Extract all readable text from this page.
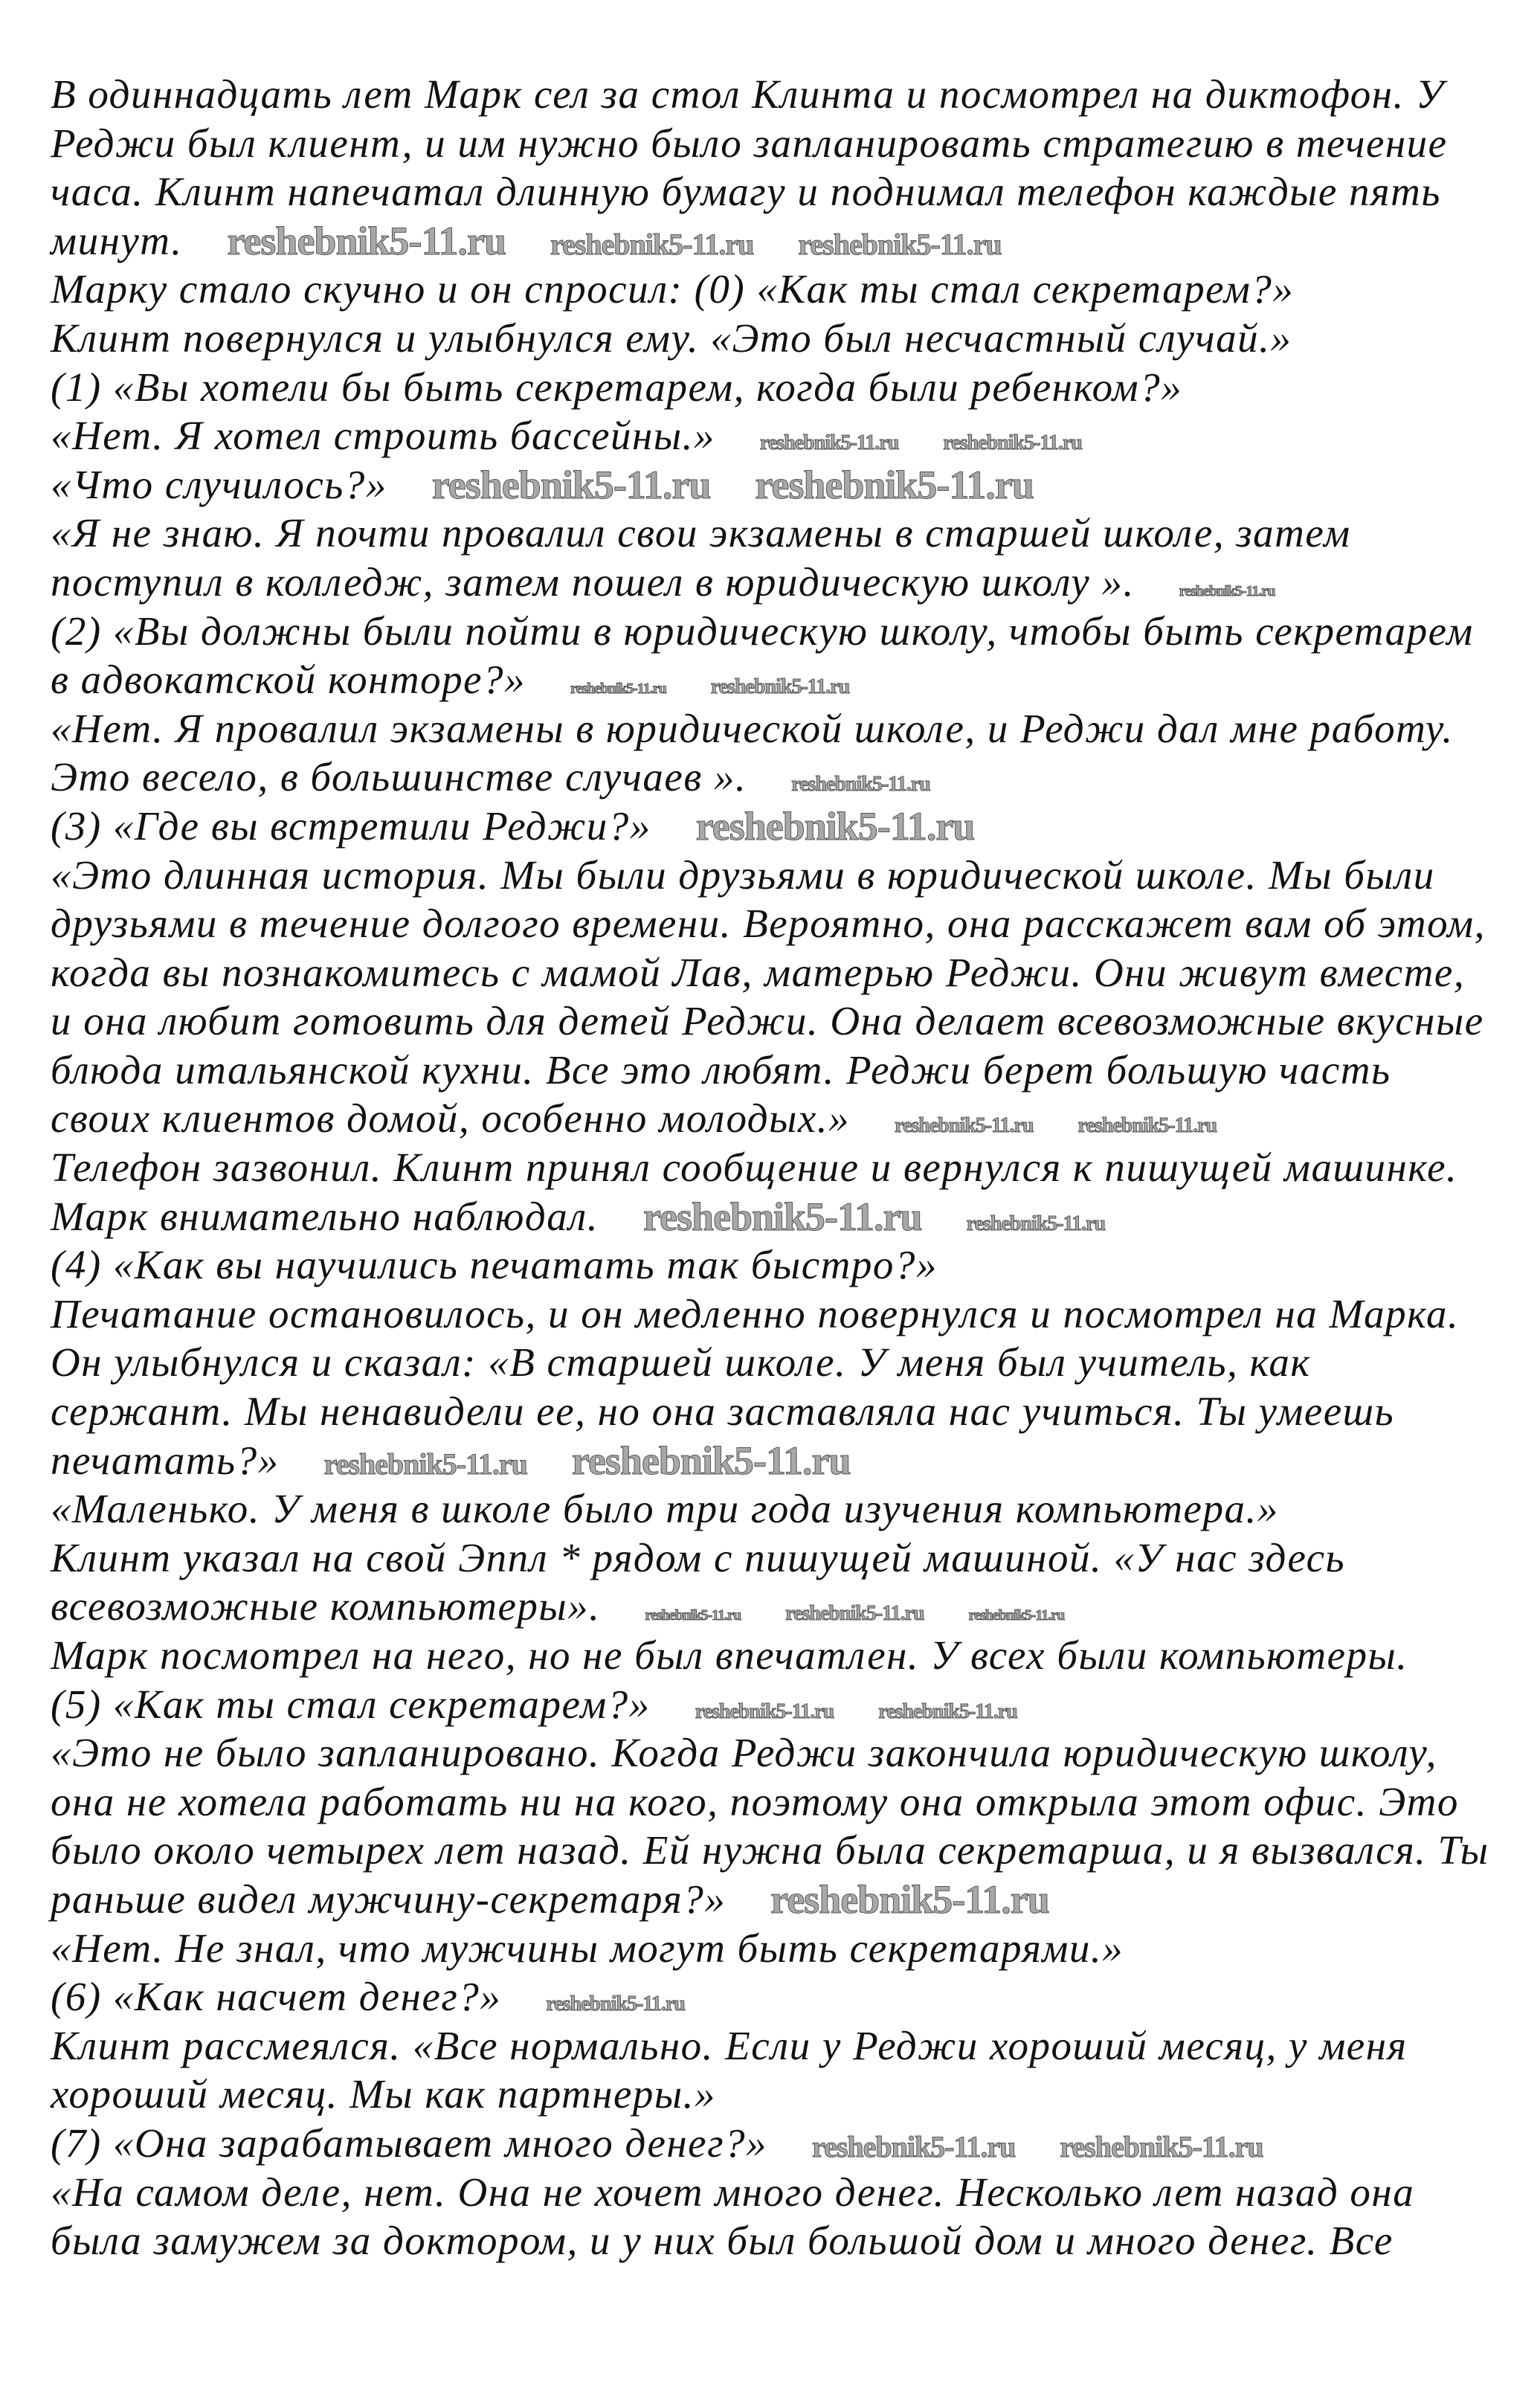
В одиннадцать лет Марк сел за стол Клинта и посмотрел на диктофон. У
Реджи был клиент, и им нужно было запланировать стратегию в течение
часа. Клинт напечатал длинную бумагу и поднимал телефон каждые пять
минут. reshebnik5-11.ru reshebnik5-11.ru reshebnik5-11.ru
Марку стало скучно и он спросил: (0) «Как ты стал секретарем?»
Клинт повернулся и улыбнулся ему. «Это был несчастный случай.»
(1) «Вы хотели бы быть секретарем, когда были ребенком?»
«Нет. Я хотел строить бассейны.» reshebnik5-11.ru reshebnik5-11.ru
«Что случилось?» reshebnik5-11.ru reshebnik5-11.ru
«Я не знаю. Я почти провалил свои экзамены в старшей школе, затем
поступил в колледж, затем пошел в юридическую школу ».	reshebnik5-11.ru
(2) «Вы должны были пойти в юридическую школу, чтобы быть секретарем
в адвокатской конторе?»	reshebnik5-11.ru reshebnik5-11.ru
«Нет. Я провалил экзамены в юридической школе, и Реджи дал мне работу.
Это весело, в большинстве случаев ». reshebnik5-11.ru
(3) «Где вы встретили Реджи?» reshebnik5-11.ru
«Это длинная история. Мы были друзьями в юридической школе. Мы были
друзьями в течение долгого времени. Вероятно, она расскажет вам об этом,
когда вы познакомитесь с мамой Лав, матерью Реджи. Они живут вместе,
и она любит готовить для детей Реджи. Она делает всевозможные вкусные
блюда итальянской кухни. Все это любят. Реджи берет большую часть
своих клиентов домой, особенно молодых.» reshebnik5-11.ru reshebnik5-11.ru
Телефон зазвонил. Клинт принял сообщение и вернулся к пишущей машинке.
Марк внимательно наблюдал. reshebnik5-11.ru reshebnik5-11.ru
(4) «Как вы научились печатать так быстро?»
Печатание остановилось, и он медленно повернулся и посмотрел на Марка.
Он улыбнулся и сказал: «В старшей школе. У меня был учитель, как
сержант. Мы ненавидели ее, но она заставляла нас учиться. Ты умеешь
печатать?» reshebnik5-11.ru reshebnik5-11.ru
«Маленько. У меня в школе было три года изучения компьютера.»
Клинт указал на свой Эппл * рядом с пишущей машиной. «У нас здесь
всевозможные компьютеры».	reshebnik5-11.ru reshebnik5-11.ru	reshebnik5-11.ru
Марк посмотрел на него, но не был впечатлен. У всех были компьютеры.
(5) «Как ты стал секретарем?» reshebnik5-11.ru reshebnik5-11.ru
«Это не было запланировано. Когда Реджи закончила юридическую школу,
она не хотела работать ни на кого, поэтому она открыла этот офис. Это
было около четырех лет назад. Ей нужна была секретарша, и я вызвался. Ты
раньше видел мужчину-секретаря?» reshebnik5-11.ru
«Нет. Не знал, что мужчины могут быть секретарями.»
(6) «Как насчет денег?» reshebnik5-11.ru
Клинт рассмеялся. «Все нормально. Если у Реджи хороший месяц, у меня
хороший месяц. Мы как партнеры.»
(7) «Она зарабатывает много денег?» reshebnik5-11.ru reshebnik5-11.ru
«На самом деле, нет. Она не хочет много денег. Несколько лет назад она
была замужем за доктором, и у них был большой дом и много денег. Все
